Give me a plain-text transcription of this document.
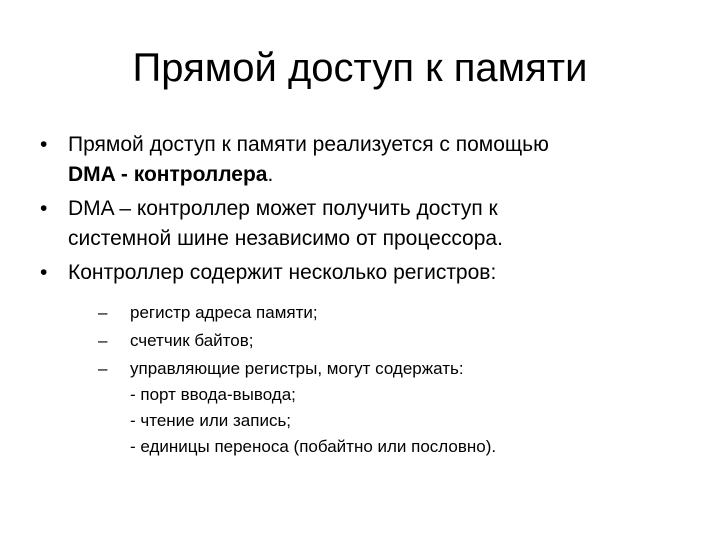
Прямой доступ к памяти
• Прямой доступ к памяти реализуется с помощью
DMA - контроллера.
• DMA – контроллер может получить доступ к
системной шине независимо от процессора.
• Контроллер содержит несколько регистров:
– регистр адреса памяти;
– счетчик байтов;
– управляющие регистры, могут содержать:
- порт ввода-вывода;
- чтение или запись;
- единицы переноса (побайтно или пословно).
